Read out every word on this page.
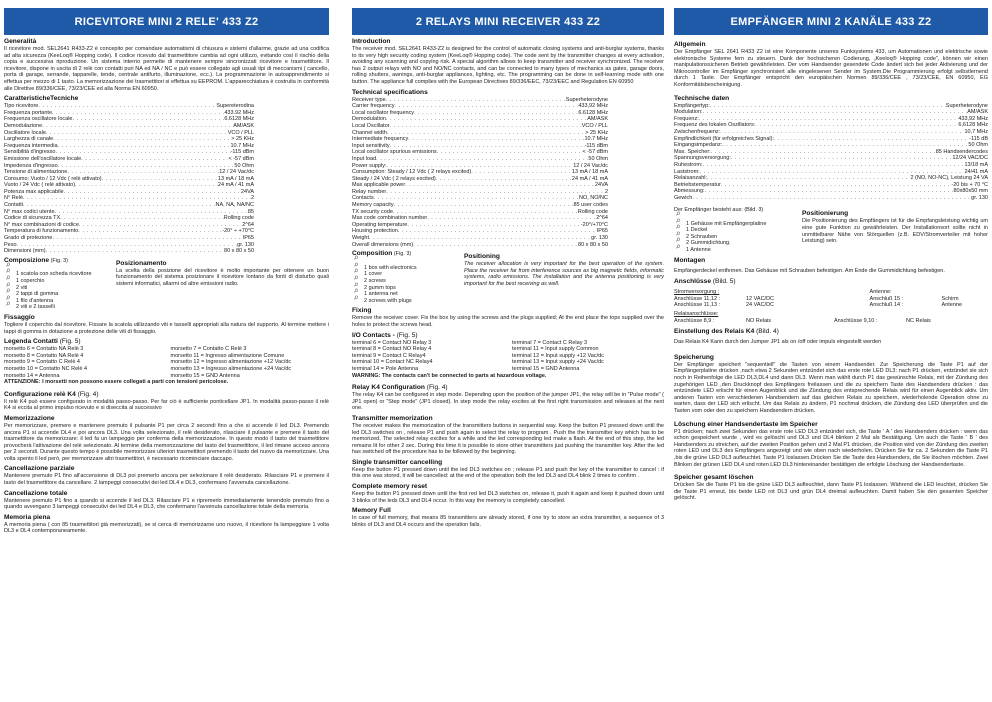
RICEVITORE MINI 2 RELE' 433 Z2
Generalità
Il ricevitore mod. SEL2641 R433-Z2 è concepito per comandare automatismi di chiusura e sistemi d'allarme, grazie ad una codifica ad alta sicurezza (KeeLoq® Hopping code). Il codice ricevuto dal trasmettitore cambia ad ogni utilizzo, evitando così il rischio della copia e successiva riproduzione. Un sistema interno permette di mantenere sempre sincronizzati ricevitore e trasmettitore. Il ricevitore, dispone in uscita di 2 relè con contatti puri NA ed NA / NC e può essere collegato agli usuali tipi di meccanismi ( cancello, porta di garage, serrande, tapparelle, tende, centrale antifurto, illuminazione, ecc.). La programmazione in autoapprendimento si effettua per mezzo di 1 tasto. La memorizzazione dei trasmettitori si effettua su EEPROM. L'apparecchiatura è costruita in conformità alle Direttive 89/336/CEE, 73/23/CEE ed alla Norma EN 60950.
CaratteristicheTecniche
Tipo ricevitore . . .	Supereterodina
Frequenza portante . . .	433.92 MHz
Frequenza oscillatore locale . . .	6.6128 MHz
Demodulazione . . .	AM/ASK
Oscillatore locale . . .	VCO / PLL
Larghezza di canale . . .	> 25 KHz
Frequenza intermedia . . .	10.7 MHz
Sensibilità d'ingresso . . .	-115 dBm
Emissione dell'oscillatore locale . . .	< -57 dBm
Impedenza d'ingresso . . .	50 Ohm
Tensione di alimentazione . . .	12 / 24 Vac/dc
Consumo: Vuoto / 12 Vdc ( relè attivato) . . .	13 mA / 18 mA
Vuoto / 24 Vdc ( relè attivato) . . .	24 mA / 41 mA
Potenza max applicabile . . .	24VA
N° Relè . . .	2
Contatti . . .	NA, NA, NA/NC
N° max codici utente . . .	85
Codice di sicurezza TX . . .	Rolling code
N° max combinazioni di codice . . .	2^64
Temperatura di funzionamento . . .	-20° ÷ +70°C
Grado di protezione . . .	IP65
Peso . . .	gr. 130
Dimensioni (mm) . . .	80 x 80 x 50
Composizione (Fig. 3)
⚲ ⚲ 1 scatola con scheda ricevitore
⚲ 1 coperchio
⚲ 2 viti
⚲ 2 tappi di gomma
⚲ 1 filo d'antenna
⚲ 2 viti e 2 tasselli
Posizionamento
La scelta della posizione del ricevitore è molto importante per ottenere un buon funzionamento del sistema posizionare il ricevitore lontano da fonti di disturbo quali sistemi informatici, allarmi od altre emissioni radio.
Fissaggio
Togliere il coperchio dal ricevitore. Fissare la scatola utilizzando viti e tasselli appropriati alla natura del supporto. Al termine mettere i tappi di gomma in dotazione a protezione delle viti di fissaggio.
Legenda Contatti (Fig. 5)
morsetto 6 = Contatto NA Relè 3
morsetto 8 = Contatto NA Relè 4
morsetto 9 = Contatto C Relè 4
morsetto 10 = Contatto NC Relè 4
morsetto 14 = Antenna
morsetto 7 = Contatto C Relè 3
morsetto 11 = Ingresso alimentazione Comune
morsetto 12 = Ingresso alimentazione +12 Vac/dc
morsetto 13 = Ingresso alimentazione +24 Vac/dc
morsetto 15 = GND Antenna
ATTENZIONE: I morsetti non possono essere collegati a parti con tensioni pericolose.
Configurazione relè K4 (Fig. 4)
Il relè K4 può essere configurato in modalità passo-passo. Per far ciò è sufficiente ponticellare JP1. In modalità passo-passo il relè K4 si eccita al primo impulso ricevuto e si diseccita al successivo
Memorizzazione
Per memorizzare, premere e mantenere premuto il pulsante P1 per circa 2 secondi fino a che si accende il led DL3. Premendo ancora P1 si accende DL4 e poi ancora DL3. Una volta selezionato, il relè desiderato, rilasciare il pulsante e premere il tasto del trasmettitore da memorizzare: il led fa un lampeggio per conferma della memorizzazione. In questo modo il tasto del trasmettitore provocherà l'attivazione del relè selezionato. Al termine della memorizzazione del tasto del trasmettitore, il led rimane acceso ancora per 2 secondi. Durante questo tempo è possibile memorizzare ulteriori trasmettitori premendo il tasto del nuovo da memorizzare. Una volta spento il led però, per memorizzare altri trasmettitori, è necessario ricominciare daccapo.
Cancellazione parziale
Mantenere premuto P1 fino all'accensione di DL3 poi premerlo ancora per selezionare il relè desiderato. Rilasciare P1 e premere il tasto del trasmettitore da cancellare. 2 lampeggi consecutivi dei led DL4 e DL3, confermano l'avvenuta cancellazione.
Cancellazione totale
Mantenere premuto P1 fino a quando si accende il led DL3. Rilasciare P1 e ripremerlo immediatamente tenendolo premuto fino a quando avvengano 3 lampeggi consecutivi dei led DL4 e DL3, che confermano l'avvenuta cancellazione totale della memoria.
Memoria piena
A memoria piena ( con 85 trasmettitori già memorizzati), se si cerca di memorizzarne uno nuovo, il ricevitore fa lampeggiare 1 volta DL3 e DL4 contemporaneamente.
2 RELAYS MINI RECEIVER 433 Z2
Introduction
The receiver mod. SEL2641 R433-Z2 is designed for the control of automatic closing systems and anti-burglar systems, thanks to its very high security coding system (KeeLoq® Hopping code). The code sent by the transmitter changes at every activation, avoiding any scanning and copying risk. A special algorithm allows to keep transmitter and receiver synchronized. The receiver has 2 output relays with NO and NO/NC contacts, and can be connected to many types of mechanics as gates, garage doors, rolling shutters, awnings, anti-burglar appliances, lighting, etc. The programming can be done in self-learning mode with one button. The appliance full complies with the European Directives 89/336/EEC, 73/23/EEC and Regulation EN 60950
Technical specifications
Receiver type . . .	Superheterodyne
Carrier frequency . . .	433,92 MHz
Local oscillator frequency . . .	6.6128 MHz
Demodulation . . .	AM/ASK
Local Oscillator . . .	VCO / PLL
Channel width . . .	> 25 KHz
Intermediate frequency . . .	10.7 MHz
Input sensitivity . . .	-115 dBm
Local oscillator spurious emissions . . .	< -57 dBm
Input load . . .	50 Ohm
Power supply: . . .	12 / 24 Vac/dc
Consumption: Steady / 12 Vdc ( 2 relays excited) . . .	13 mA / 18 mA
Steady / 24 Vdc ( 2 relays excited) . . .	24 mA / 41 mA
Max applicable power . . .	24VA
Relay number . . .	2
Contacts . . .	NO, NO/NC
Memory capacity . . .	85 user codes
TX security code . . .	Rolling code
Max code combination number . . .	2^64
Operating temperature . . .	-20°/+70°C
Housing protection . . .	IP65
Weight . . .	gr. 130
Overall dimensions (mm) . . .	80 x 80 x 50
Composition (Fig. 3)
⚲ ⚲ 1 box with electronics
⚲ 1 cover
⚲ 2 screws
⚲ 2 gumm tops
⚲ 1 antenna net
⚲ 2 screws with plugs
Positioning
The receiver allocation is very important for the best operation of the system. Place the receiver far from interference sources as big magnetic fields, informatic systems, radio emissions. The installation and the antenna positioning is very important for the best receiving as well.
Fixing
Remove the receiver cover. Fix the box by using the screws and the plugs supplied; At the end place the tops supplied over the holes to protect the screws head.
I/O Contacts - (Fig. 5)
terminal 6 = Contact NO Relay 3
terminal 8 = Contact NO Relay 4
terminal 9 = Contact C Relay4
terminal 10 = Contact NC Relay4
terminal 14 = Pole Antenna
terminal 7 = Contact C Relay 3
terminal 11 = Input supply Common
terminal 12 = Input supply +12 Vac/dc
terminal 13 = Input supply +24 Vac/dc
terminal 15 = GND Antenna
WARNING: The contacts can't be connected to parts at hazardous voltage.
Relay K4 Configuration (Fig. 4)
The relay K4 can be configured in step mode. Depending upon the position of the jumper JP1, the relay will be in "Pulse mode" ( JP1 open) or "Step mode" (JP1 closed). In step mode the relay excites at the first right transmission and releases at the next one.
Transmitter memorization
The receiver makes the memorization of the transmitters buttons in sequential way. Keep the button P1 pressed down until the led DL3 switches on , release P1 and push again to select the relay to program . Push the the transmitter key which has to be memorized. The selected relay excites for a while and the led corresponding led make a flash. At the end of this step, the led remains lit for other 2 sec. During this time it is possible to store other transmitters just pushing the transmitter key. After the led has switched off the procedure has to be followed by the beginning.
Single transmitter cancelling
Keep the button P1 pressed down until the led DL3 switches on ; release P1 and push the key of the transmitter to cancel : if this one was stored, it will be cancelled: at the end of the operation both the led DL3 and DL4 blink 2 times to confirm .
Complete memory reset
Keep the button P1 pressed down until the first red led DL3 switches on, release it, push it again and keep it pushed down until 3 blinks of the leds DL3 and DL4 occur. In this way the memory is completely cancelled.
Memory Full
In case of full memory, that means 85 transmitters are already stored, if one try to store an extra transmitter, a sequence of 3 blinks of DL3 and DL4 occurs and the operation fails.
EMPFÄNGER MINI 2 KANÄLE 433 Z2
Allgemein
Der Empfänger SEL 2641 R433 Z2 ist eine Komponente unseres Funksystems 433, um Automationen und elektrische sowie elektronische Systeme fern zu steuern. Dank der hochsicheren Codierung, „Keeloq® Hopping code", können wir einen manipulationssicheren Betrieb gewährleisten. Der vom Handsender gesendete Code ändert sich bei jeder Aktivierung und der Mikrocontroller im Empfänger synchronisiert alle eingelesenen Sender im System.Die Programmierung erfolgt selbstlernend durch 1 Taste. Der Empfänger entspricht den europäischen Normen 89/336/CEE , 73/23/CEE, EN 60950, EG Konformitätsbescheinigung.
Technische daten
Empfängertyp: . . .	Superheterodyne
Modulation: . . .	AM/ASK
Frequenz: . . .	433,92 MHz
Frequenz des lokalen Oszillators: . . .	6,6128 MHz
Zwischenfrequenz: . . .	10,7 MHz
Empfindlichkeit (für erfolgreiches Signal): . . .	-115 dB
Eingangsimpedanz: . . .	50 Ohm
Max. Speicher: . . .	85 Handsendercodes
Spannungsversorgung: . . .	12/24 VAC/DC
Ruhestrom: . . .	13/18 mA
Laststrom: . . .	24/41 mA
Relaisanzahl: . . .	2 (NO, NO-NC), Leistung 24 VA
Betriebstemperatur . . .	-20 bis + 70 °C
Abmessung: . . .	80x80x50 mm
Gewich . . .	gr. 130
⚲ Der Empfänger besteht aus: (Bild. 3)
⚲ ⚲ 1 Gehäuse mit Empfängerplatine
⚲ 1 Deckel
⚲ 2 Schrauben
⚲ 2 Gummidichtung.
⚲ 1 Antenne
Positionierung
Die Positionierung des Empfängers ist für die Empfangsleistung wichtig um eine gute Funktion zu gewährleisten. Der Installationsort sollte nicht in unmittelbarer Nähe von Störquellen (z.B. EDV/Stromverteiler mit hoher Leistung) sein.
Montagen
Empfängerdeckel entfernen. Das Gehäuse mit Schrauben befestigen. Am Ende die Gummidichtung befestigen.
Anschlüsse (Bild. 5)
Stromversorgung :
Anschlüsse 11,12 :	12 VAC/DC
Anschlüsse 11,13 :	24 VAC/DC
Antenne:
Anschluß 15 :	Schirm
Anschluß 14 :	Antenne
Relaisanschlüsse:
Anschlüsse 8,9 :	NO Relais	Anschlüsse 9,10 :	NC Relais
Einstellung des Relais K4 (Bild. 4)
Das Relais K4 Kann durch den Jumper JP1 als on /off oder impuls eingestellt werden
Speicherung
Der Empfänger speichert "sequentiell" die Tasten von einem Handsender. Zur Speicherung die Taste P1 auf der Empfängerplatine drücken ,nach etwa 2 Sekunden entzündet sich das erste rote LED DL3: nach P1 drücken, entzündet sie sich noch in Reihenfolge die LED DL3,DL4 und dann DL3. Wenn man wählt durch P1 das gewünschte Relais, mit der Zündung des zugehörigen LED ,den Druckknopf des Empfängers freilassen und die zu speichern Taste des Handsenders drücken : das entzündete LED erlischt für einen Augenblick und die Zündung des entsprechende Relais wird für einen Augenblick aktiv. Um anderen Tasten von verschiedenen Handsendern auf das gleichen Relais zu speichern, wiederholende Operation ohne zu warten, dass der LED sich erlischt. Um das Relais zu ändern, P1 nochmal drücken, die Zündung des LED überprüfen und die Tasten vom oder den zu speichern Handsendern drücken.
Löschung einer Handsendertaste im Speicher
P1 drücken; nach zwei Sekunden das erste rote LED DL3 entzündet sich, die Taste ' A ' des Handsenders drücken : wenn das schon gespeichert wurde , wird es gelöscht und DL3 und DL4 blinken 2 Mal als Bestätigung. Um auch die Taste ' B ' des Handsenders zu streichen, auf der zweiten Position gehen und 2 Mal P1 drücken, die Position wird von der Zündung des zweiten roten LED und DL3 des Empfängers angezeigt und wie oben nach wiederholen. Drücken Sie für ca. 2 Sekunden die Taste P1 ,bis die grüne LED DL3 aufleuchtet. Taste P1 loslassen.Drücken Sie die Taste des Handsenders, die Sie löschen möchten. Zwei Blinken der grünen LED DL4 und roten LED DL3 hintereinander bestätigen die erfolgte Löschung der Handsendertaste.
Speicher gesamt löschen
Drücken Sie die Taste P1 bis die grüne LED DL3 aufleuchtet, dann Taste P1 loslassen. Während die LED leuchtet, drücken Sie die Taste P1 erneut, bis beide LED rot DL3 und grün DL4 dreimal aufleuchten. Damit haben Sie den gesamten Speicher gelöscht.
